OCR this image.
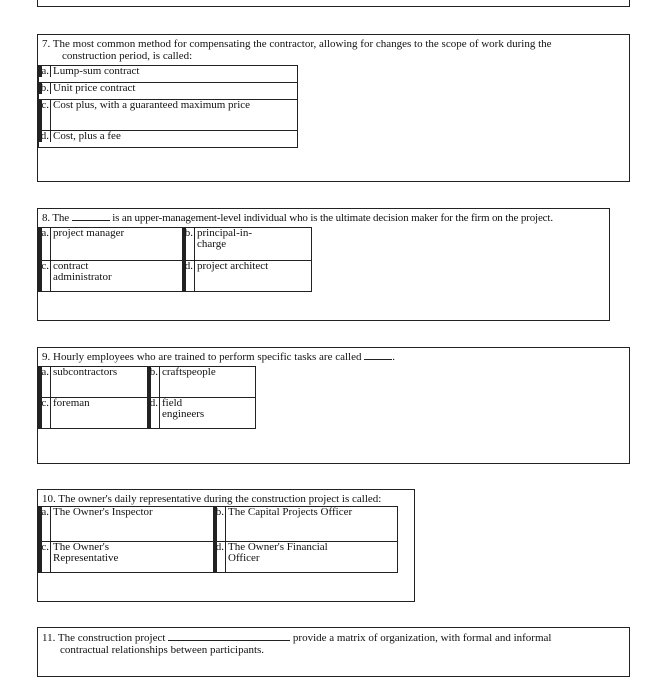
7. The most common method for compensating the contractor, allowing for changes to the scope of work during the
construction period, is called:
a. Lump-sum contract

b. Unit price contract

c. Cost plus, with a guaranteed maximum price

d. Cost, plus a fee
8. The	is an upper-management-level individual who is the ultimate decision maker for the firm on the project.
a. project manager	b. principal-in-charge

c. contract administrator	d. project architect
9. Hourly employees who are trained to perform specific tasks are called	.
a. subcontractors	b. craftspeople

c. foreman	d. field engineers
10. The owner's daily representative during the construction project is called:
a. The Owner's Inspector	b. The Capital Projects Officer

c. The Owner's Representative	d. The Owner's Financial Officer
11. The construction project	provide a matrix of organization, with formal and informal
contractual relationships between participants.
